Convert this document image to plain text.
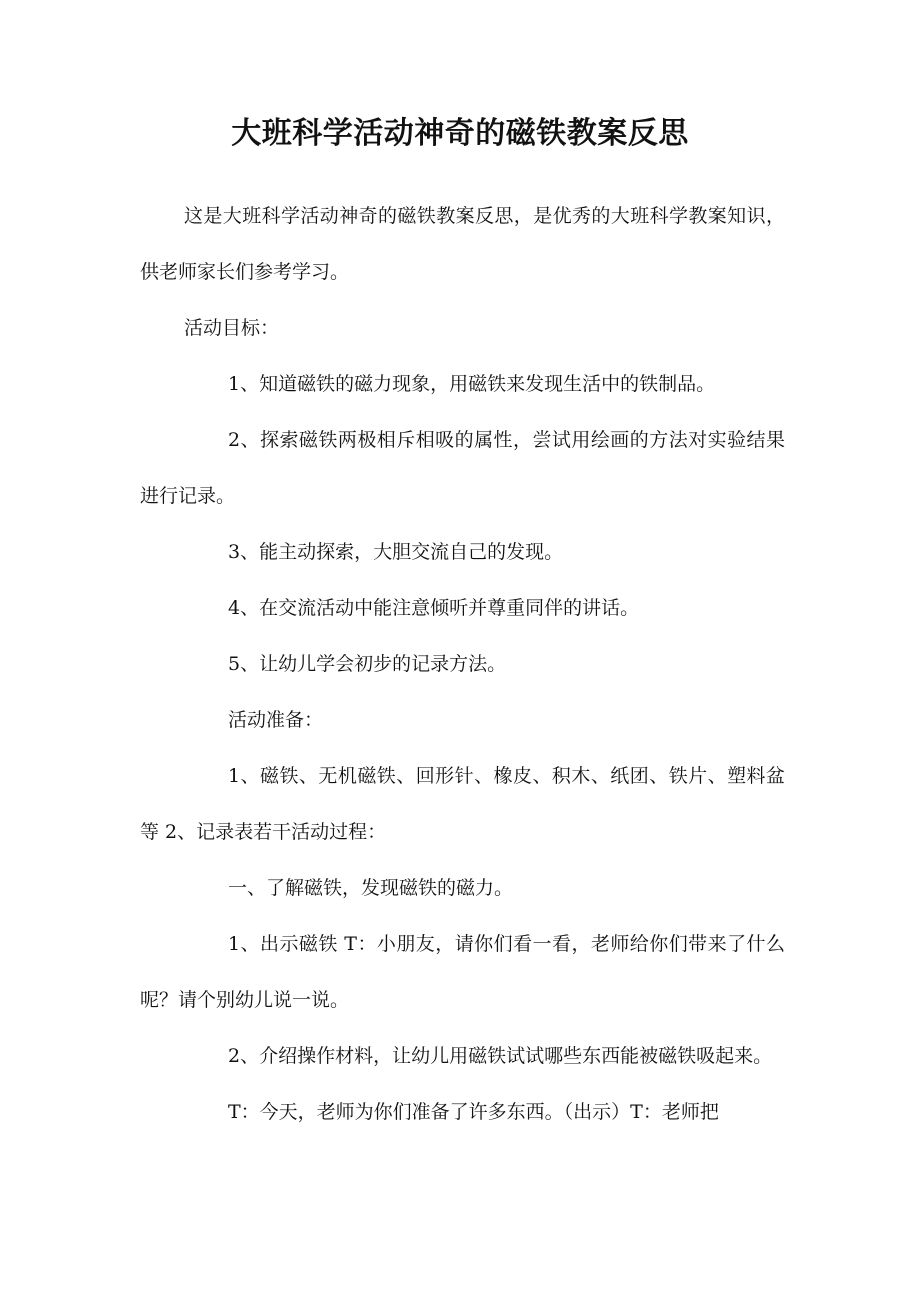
大班科学活动神奇的磁铁教案反思

这是大班科学活动神奇的磁铁教案反思，是优秀的大班科学教案知识，供老师家长们参考学习。

活动目标：

1、知道磁铁的磁力现象，用磁铁来发现生活中的铁制品。

2、探索磁铁两极相斥相吸的属性，尝试用绘画的方法对实验结果进行记录。

3、能主动探索，大胆交流自己的发现。

4、在交流活动中能注意倾听并尊重同伴的讲话。

5、让幼儿学会初步的记录方法。

活动准备：

1、磁铁、无机磁铁、回形针、橡皮、积木、纸团、铁片、塑料盆等 2、记录表若干活动过程：

一、了解磁铁，发现磁铁的磁力。

1、出示磁铁 T：小朋友，请你们看一看，老师给你们带来了什么呢？请个别幼儿说一说。

2、介绍操作材料，让幼儿用磁铁试试哪些东西能被磁铁吸起来。

T：今天，老师为你们准备了许多东西。（出示）T：老师把
